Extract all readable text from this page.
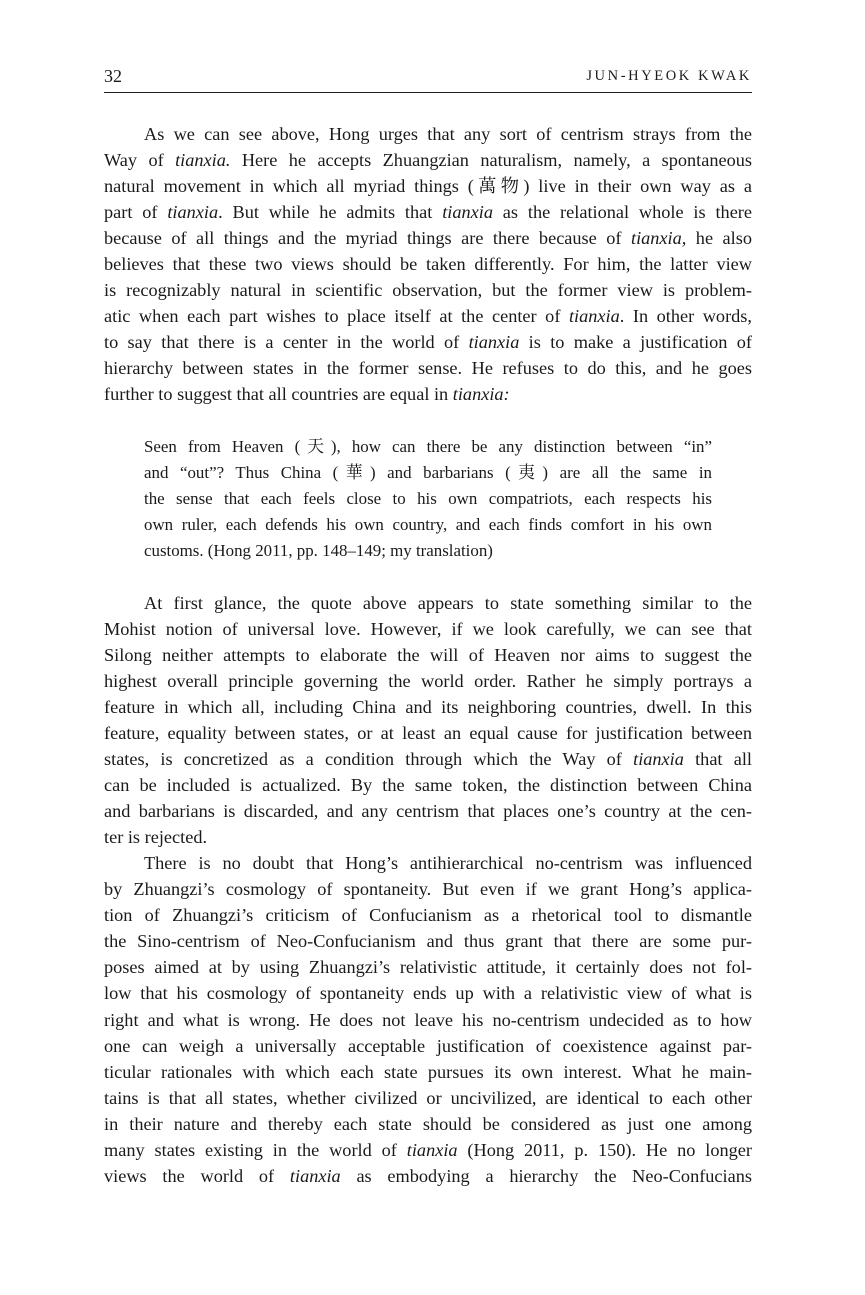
32	JUN-HYEOK KWAK

As we can see above, Hong urges that any sort of centrism strays from the

Way of tianxia. Here he accepts Zhuangzian naturalism, namely, a spontaneous

natural movement in which all myriad things (萬物) live in their own way as a

part of tianxia. But while he admits that tianxia as the relational whole is there

because of all things and the myriad things are there because of tianxia, he also

believes that these two views should be taken differently. For him, the latter view

is recognizably natural in scientific observation, but the former view is problem-

atic when each part wishes to place itself at the center of tianxia. In other words,

to say that there is a center in the world of tianxia is to make a justification of

hierarchy between states in the former sense. He refuses to do this, and he goes

further to suggest that all countries are equal in tianxia:

Seen from Heaven (天), how can there be any distinction between “in”

and “out”? Thus China (華) and barbarians (夷) are all the same in

the sense that each feels close to his own compatriots, each respects his

own ruler, each defends his own country, and each finds comfort in his own

customs. (Hong 2011, pp. 148–149; my translation)

At first glance, the quote above appears to state something similar to the

Mohist notion of universal love. However, if we look carefully, we can see that

Silong neither attempts to elaborate the will of Heaven nor aims to suggest the

highest overall principle governing the world order. Rather he simply portrays a

feature in which all, including China and its neighboring countries, dwell. In this

feature, equality between states, or at least an equal cause for justification between

states, is concretized as a condition through which the Way of tianxia that all

can be included is actualized. By the same token, the distinction between China

and barbarians is discarded, and any centrism that places one’s country at the cen-

ter is rejected.

There is no doubt that Hong’s antihierarchical no-centrism was influenced

by Zhuangzi’s cosmology of spontaneity. But even if we grant Hong’s applica-

tion of Zhuangzi’s criticism of Confucianism as a rhetorical tool to dismantle

the Sino-centrism of Neo-Confucianism and thus grant that there are some pur-

poses aimed at by using Zhuangzi’s relativistic attitude, it certainly does not fol-

low that his cosmology of spontaneity ends up with a relativistic view of what is

right and what is wrong. He does not leave his no-centrism undecided as to how

one can weigh a universally acceptable justification of coexistence against par-

ticular rationales with which each state pursues its own interest. What he main-

tains is that all states, whether civilized or uncivilized, are identical to each other

in their nature and thereby each state should be considered as just one among

many states existing in the world of tianxia (Hong 2011, p. 150). He no longer

views the world of tianxia as embodying a hierarchy the Neo-Confucians
